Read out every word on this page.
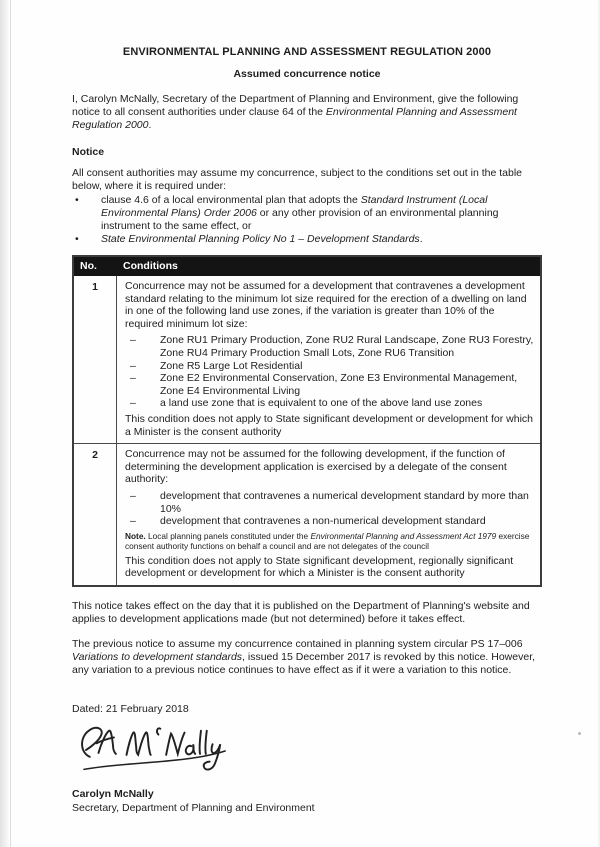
ENVIRONMENTAL PLANNING AND ASSESSMENT REGULATION 2000

Assumed concurrence notice

I, Carolyn McNally, Secretary of the Department of Planning and Environment, give the following notice to all consent authorities under clause 64 of the Environmental Planning and Assessment Regulation 2000.

Notice

All consent authorities may assume my concurrence, subject to the conditions set out in the table below, where it is required under:

•	clause 4.6 of a local environmental plan that adopts the Standard Instrument (Local Environmental Plans) Order 2006 or any other provision of an environmental planning instrument to the same effect, or
•	State Environmental Planning Policy No 1 – Development Standards.
No.	Conditions
1	Concurrence may not be assumed for a development that contravenes a development standard relating to the minimum lot size required for the erection of a dwelling on land in one of the following land use zones, if the variation is greater than 10% of the required minimum lot size:

–	Zone RU1 Primary Production, Zone RU2 Rural Landscape, Zone RU3 Forestry, Zone RU4 Primary Production Small Lots, Zone RU6 Transition
–	Zone R5 Large Lot Residential
–	Zone E2 Environmental Conservation, Zone E3 Environmental Management, Zone E4 Environmental Living
–	a land use zone that is equivalent to one of the above land use zones

This condition does not apply to State significant development or development for which a Minister is the consent authority

2	Concurrence may not be assumed for the following development, if the function of determining the development application is exercised by a delegate of the consent authority:

–	development that contravenes a numerical development standard by more than 10%
–	development that contravenes a non-numerical development standard

Note. Local planning panels constituted under the Environmental Planning and Assessment Act 1979 exercise consent authority functions on behalf a council and are not delegates of the council

This condition does not apply to State significant development, regionally significant development or development for which a Minister is the consent authority

This notice takes effect on the day that it is published on the Department of Planning's website and applies to development applications made (but not determined) before it takes effect.

The previous notice to assume my concurrence contained in planning system circular PS 17–006 Variations to development standards, issued 15 December 2017 is revoked by this notice. However, any variation to a previous notice continues to have effect as if it were a variation to this notice.

Dated: 21 February 2018

Carolyn McNally

Secretary, Department of Planning and Environment
